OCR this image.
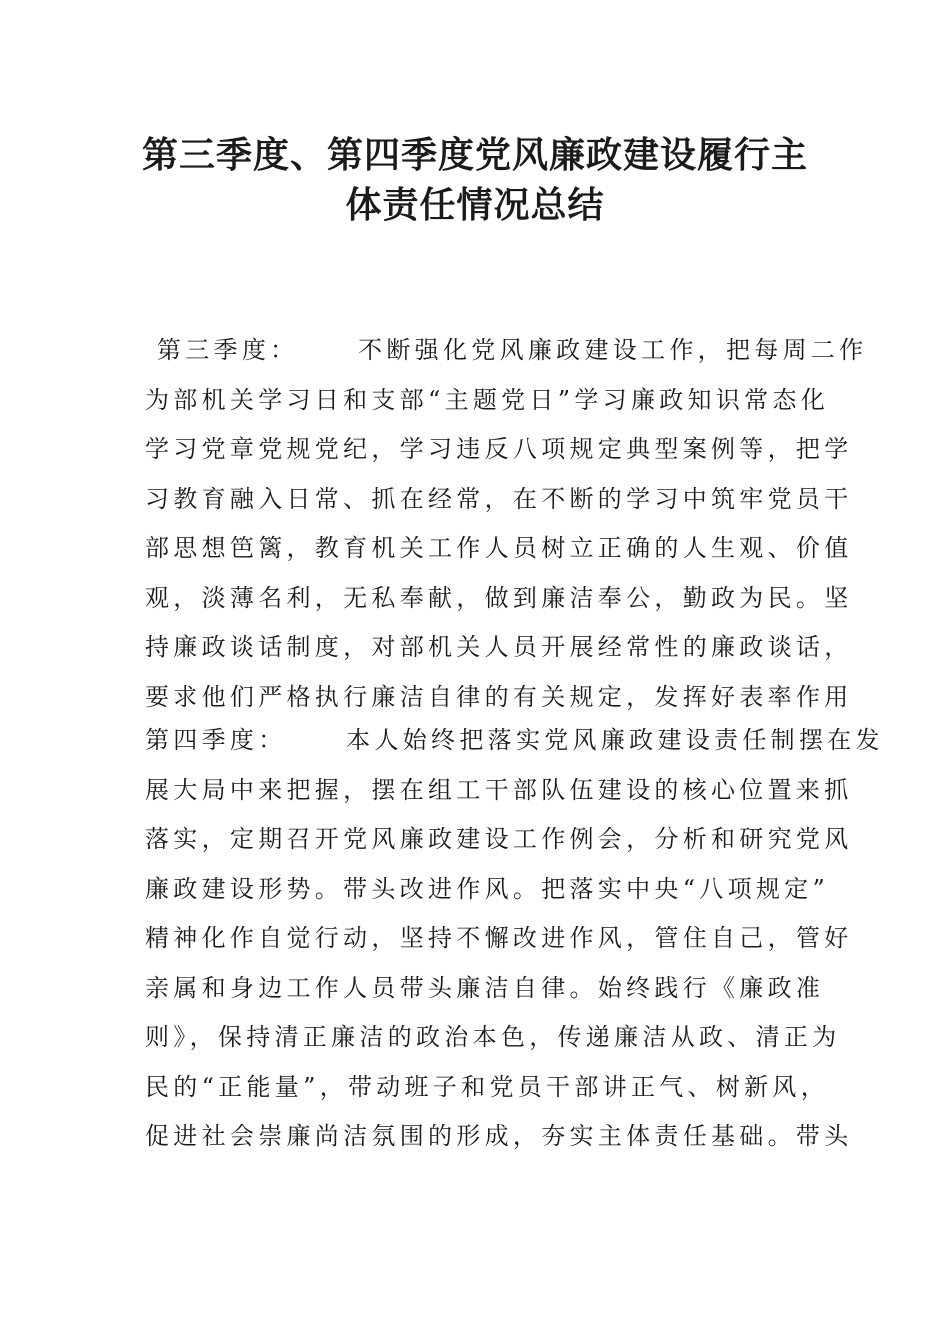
第三季度、第四季度党风廉政建设履行主
体责任情况总结
第三季度：     不断强化党风廉政建设工作，把每周二作
为部机关学习日和支部“主题党日”学习廉政知识常态化
学习党章党规党纪，学习违反八项规定典型案例等，把学
习教育融入日常、抓在经常，在不断的学习中筑牢党员干
部思想笆篱，教育机关工作人员树立正确的人生观、价值
观，淡薄名利，无私奉献，做到廉洁奉公，勤政为民。坚
持廉政谈话制度，对部机关人员开展经常性的廉政谈话，
要求他们严格执行廉洁自律的有关规定，发挥好表率作用
第四季度：     本人始终把落实党风廉政建设责任制摆在发
展大局中来把握，摆在组工干部队伍建设的核心位置来抓
落实，定期召开党风廉政建设工作例会，分析和研究党风
廉政建设形势。带头改进作风。把落实中央“八项规定”
精神化作自觉行动，坚持不懈改进作风，管住自己，管好
亲属和身边工作人员带头廉洁自律。始终践行《廉政准
则》，保持清正廉洁的政治本色，传递廉洁从政、清正为
民的“正能量”，带动班子和党员干部讲正气、树新风，
促进社会崇廉尚洁氛围的形成，夯实主体责任基础。带头
